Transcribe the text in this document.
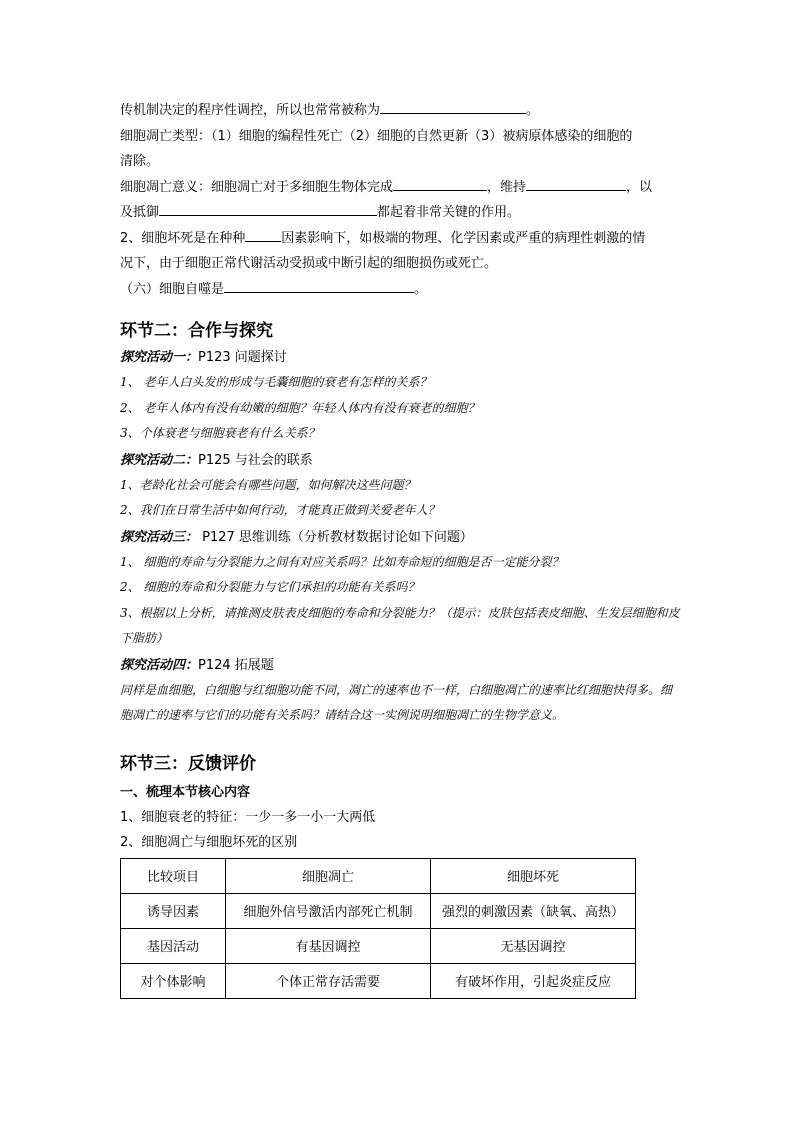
传机制决定的程序性调控，所以也常常被称为	。
细胞凋亡类型：（1）细胞的编程性死亡（2）细胞的自然更新（3）被病原体感染的细胞的
清除。
细胞凋亡意义：细胞凋亡对于多细胞生物体完成	，维持	，以
及抵御	都起着非常关键的作用。
2、细胞坏死是在种种	因素影响下，如极端的物理、化学因素或严重的病理性刺激的情
况下，由于细胞正常代谢活动受损或中断引起的细胞损伤或死亡。
（六）细胞自噬是	。
环节二：合作与探究
探究活动一：P123 问题探讨
1、 老年人白头发的形成与毛囊细胞的衰老有怎样的关系？
2、 老年人体内有没有幼嫩的细胞？年轻人体内有没有衰老的细胞？
3、个体衰老与细胞衰老有什么关系？
探究活动二：P125 与社会的联系
1、老龄化社会可能会有哪些问题，如何解决这些问题？
2、我们在日常生活中如何行动，才能真正做到关爱老年人？
探究活动三： P127 思维训练（分析教材数据讨论如下问题）
1、 细胞的寿命与分裂能力之间有对应关系吗？比如寿命短的细胞是否一定能分裂？
2、 细胞的寿命和分裂能力与它们承担的功能有关系吗？
3、根据以上分析，请推测皮肤表皮细胞的寿命和分裂能力？（提示：皮肤包括表皮细胞、生发层细胞和皮下脂肪）
探究活动四：P124 拓展题
同样是血细胞，白细胞与红细胞功能不同，凋亡的速率也不一样，白细胞凋亡的速率比红细胞快得多。细胞凋亡的速率与它们的功能有关系吗？请结合这一实例说明细胞凋亡的生物学意义。
环节三：反馈评价
一、梳理本节核心内容
1、细胞衰老的特征：一少一多一小一大两低
2、细胞凋亡与细胞坏死的区别
比较项目	细胞凋亡	细胞坏死
诱导因素	细胞外信号激活内部死亡机制	强烈的刺激因素（缺氧、高热）
基因活动	有基因调控	无基因调控
对个体影响	个体正常存活需要	有破坏作用，引起炎症反应
